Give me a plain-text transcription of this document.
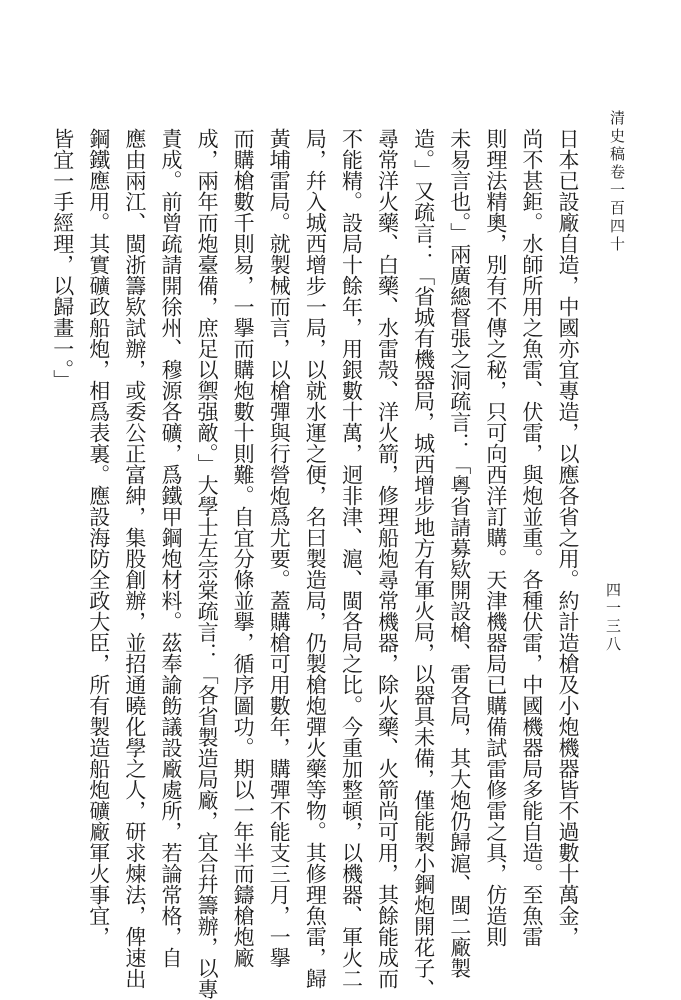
清史稿卷一百四十
四一三八
日本已設廠自造，中國亦宜專造，以應各省之用。約計造槍及小炮機器皆不過數十萬金，
尚不甚鉅。水師所用之魚雷、伏雷，與炮並重。各種伏雷，中國機器局多能自造。至魚雷
則理法精奧，別有不傳之秘，只可向西洋訂購。天津機器局已購備試雷修雷之具，仿造則
未易言也。」兩廣總督張之洞疏言：「粵省請募欵開設槍、雷各局，其大炮仍歸滬、閩二廠製
造。」又疏言：「省城有機器局，城西增步地方有軍火局，以器具未備，僅能製小鋼炮開花子、
尋常洋火藥、白藥、水雷殼、洋火箭，修理船炮尋常機器，除火藥、火箭尚可用，其餘能成而
不能精。設局十餘年，用銀數十萬，迥非津、滬、閩各局之比。今重加整頓，以機器、軍火二
局，幷入城西增步一局，以就水運之便，名曰製造局，仍製槍炮彈火藥等物。其修理魚雷，歸
黃埔雷局。就製械而言，以槍彈與行營炮爲尤要。蓋購槍可用數年，購彈不能支三月，一擧
而購槍數千則易，一擧而購炮數十則難。自宜分條並擧，循序圖功。期以一年半而鑄槍炮廠
成，兩年而炮臺備，庶足以禦强敵。」大學士左宗棠疏言：「各省製造局廠，宜合幷籌辦，以專
責成。前曾疏請開徐州、穆源各礦，爲鐵甲鋼炮材料。茲奉諭飭議設廠處所，若論常格，自
應由兩江、閩浙籌欵試辦，或委公正富紳，集股創辦，並招通曉化學之人，研求煉法，俾速出
鋼鐵應用。其實礦政船炮，相爲表裏。應設海防全政大臣，所有製造船炮礦廠軍火事宜，
皆宜一手經理，以歸畫一。」
